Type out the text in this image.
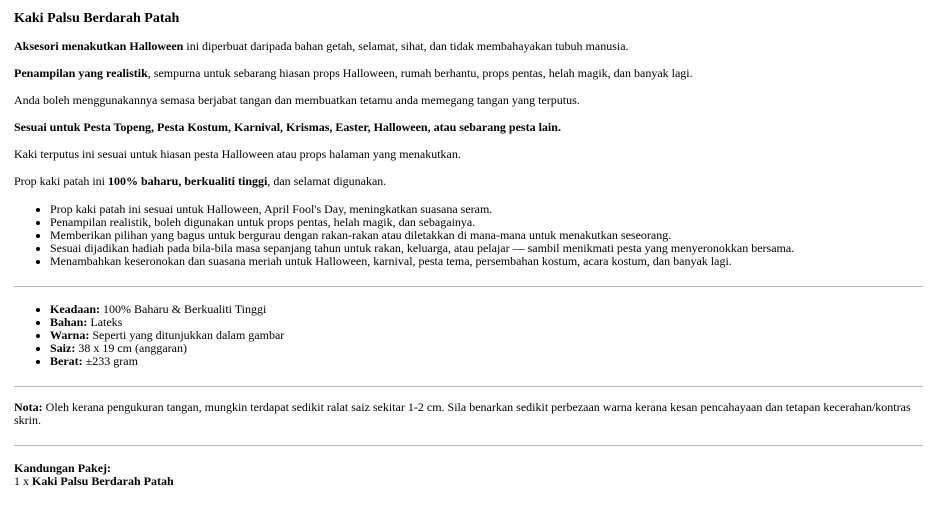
Kaki Palsu Berdarah Patah

Aksesori menakutkan Halloween ini diperbuat daripada bahan getah, selamat, sihat, dan tidak membahayakan tubuh manusia.

Penampilan yang realistik, sempurna untuk sebarang hiasan props Halloween, rumah berhantu, props pentas, helah magik, dan banyak lagi.

Anda boleh menggunakannya semasa berjabat tangan dan membuatkan tetamu anda memegang tangan yang terputus.

Sesuai untuk Pesta Topeng, Pesta Kostum, Karnival, Krismas, Easter, Halloween, atau sebarang pesta lain.

Kaki terputus ini sesuai untuk hiasan pesta Halloween atau props halaman yang menakutkan.

Prop kaki patah ini 100% baharu, berkualiti tinggi, dan selamat digunakan.

• Prop kaki patah ini sesuai untuk Halloween, April Fool's Day, meningkatkan suasana seram.
• Penampilan realistik, boleh digunakan untuk props pentas, helah magik, dan sebagainya.
• Memberikan pilihan yang bagus untuk bergurau dengan rakan-rakan atau diletakkan di mana-mana untuk menakutkan seseorang.
• Sesuai dijadikan hadiah pada bila-bila masa sepanjang tahun untuk rakan, keluarga, atau pelajar — sambil menikmati pesta yang menyeronokkan bersama.
• Menambahkan keseronokan dan suasana meriah untuk Halloween, karnival, pesta tema, persembahan kostum, acara kostum, dan banyak lagi.
• Keadaan: 100% Baharu & Berkualiti Tinggi
• Bahan: Lateks
• Warna: Seperti yang ditunjukkan dalam gambar
• Saiz: 38 x 19 cm (anggaran)
• Berat: ±233 gram

Nota: Oleh kerana pengukuran tangan, mungkin terdapat sedikit ralat saiz sekitar 1-2 cm. Sila benarkan sedikit perbezaan warna kerana kesan pencahayaan dan tetapan kecerahan/kontras skrin.

Kandungan Pakej:

1 x Kaki Palsu Berdarah Patah
